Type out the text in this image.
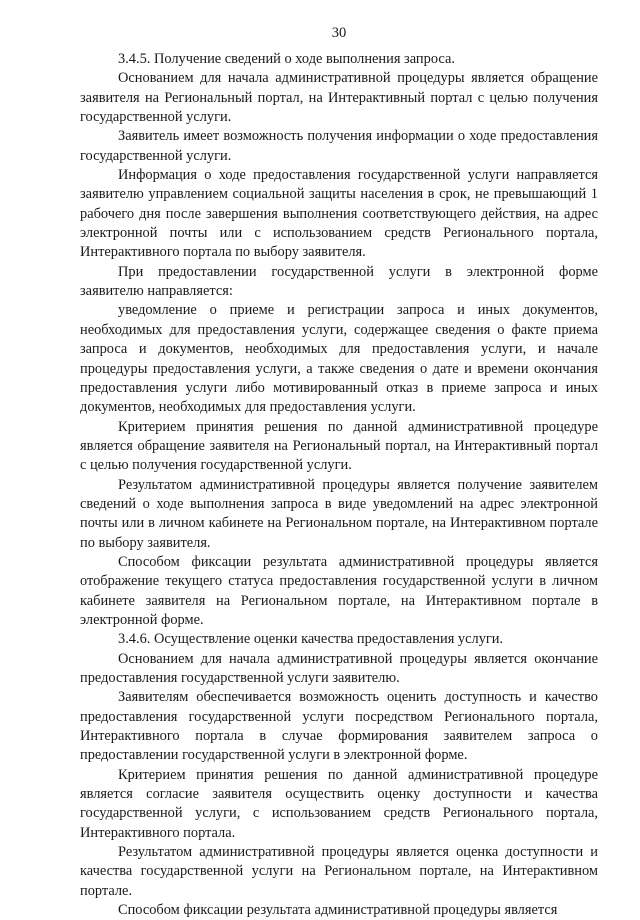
30

3.4.5. Получение сведений о ходе выполнения запроса.

Основанием для начала административной процедуры является обращение заявителя на Региональный портал, на Интерактивный портал с целью получения государственной услуги.

Заявитель имеет возможность получения информации о ходе предоставления государственной услуги.

Информация о ходе предоставления государственной услуги направляется заявителю управлением социальной защиты населения в срок, не превышающий 1 рабочего дня после завершения выполнения соответствующего действия, на адрес электронной почты или с использованием средств Регионального портала, Интерактивного портала по выбору заявителя.

При предоставлении государственной услуги в электронной форме заявителю направляется:

уведомление о приеме и регистрации запроса и иных документов, необходимых для предоставления услуги, содержащее сведения о факте приема запроса и документов, необходимых для предоставления услуги, и начале процедуры предоставления услуги, а также сведения о дате и времени окончания предоставления услуги либо мотивированный отказ в приеме запроса и иных документов, необходимых для предоставления услуги.

Критерием принятия решения по данной административной процедуре является обращение заявителя на Региональный портал, на Интерактивный портал с целью получения государственной услуги.

Результатом административной процедуры является получение заявителем сведений о ходе выполнения запроса в виде уведомлений на адрес электронной почты или в личном кабинете на Региональном портале, на Интерактивном портале по выбору заявителя.

Способом фиксации результата административной процедуры является отображение текущего статуса предоставления государственной услуги в личном кабинете заявителя на Региональном портале, на Интерактивном портале в электронной форме.

3.4.6. Осуществление оценки качества предоставления услуги.

Основанием для начала административной процедуры является окончание предоставления государственной услуги заявителю.

Заявителям обеспечивается возможность оценить доступность и качество предоставления государственной услуги посредством Регионального портала, Интерактивного портала в случае формирования заявителем запроса о предоставлении государственной услуги в электронной форме.

Критерием принятия решения по данной административной процедуре является согласие заявителя осуществить оценку доступности и качества государственной услуги, с использованием средств Регионального портала, Интерактивного портала.

Результатом административной процедуры является оценка доступности и качества государственной услуги на Региональном портале, на Интерактивном портале.

Способом фиксации результата административной процедуры является
